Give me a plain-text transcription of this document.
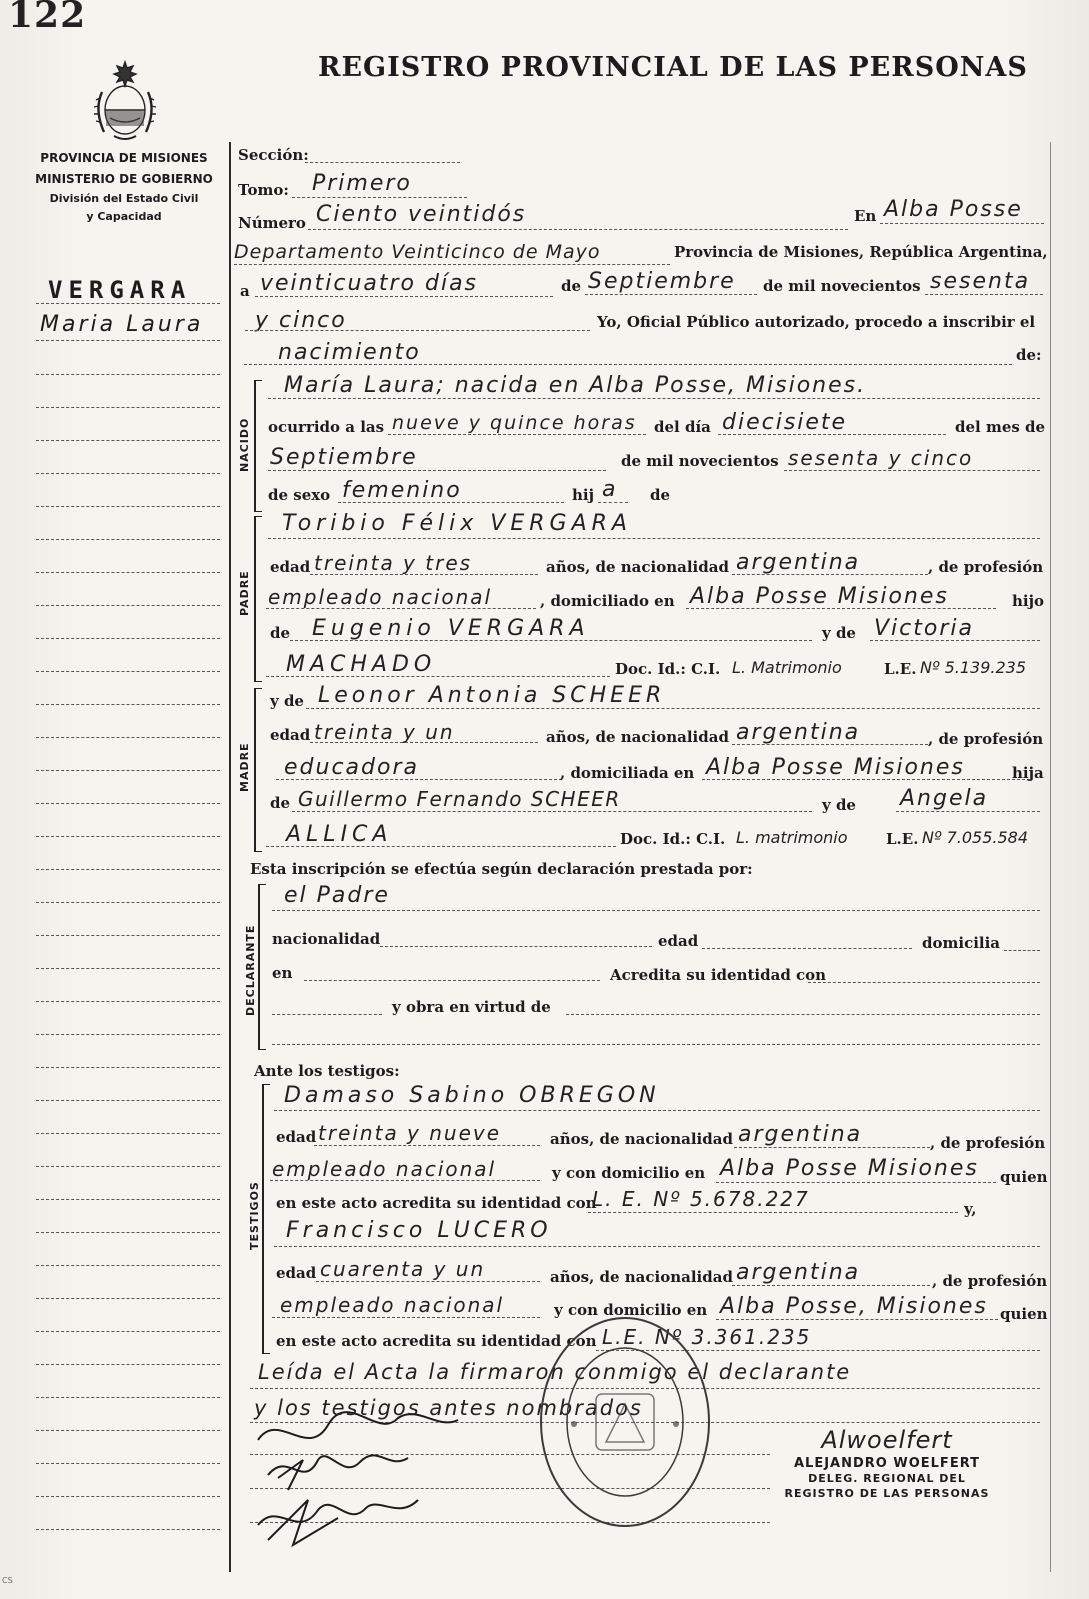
122
REGISTRO PROVINCIAL DE LAS PERSONAS
PROVINCIA DE MISIONES
MINISTERIO DE GOBIERNO
División del Estado Civil
y Capacidad
VERGARA
Maria Laura
Sección:
Tomo: Primero
Número Ciento veintidós	En Alba Posse
Departamento Veinticinco de Mayo	Provincia de Misiones, República Argentina,
a veinticuatro días	de Septiembre de mil novecientos sesenta
y cinco	Yo, Oficial Público autorizado, procedo a inscribir el
nacimiento	de:
NACIDO
María Laura; nacida en Alba Posse, Misiones.
ocurrido a las nueve y quince horas del día diecisiete	del mes de
Septiembre	de mil novecientos sesenta y cinco
de sexo femenino	hij a de
PADRE
Toribio Félix VERGARA
edad treinta y tres	años, de nacionalidad argentina	, de profesión
empleado nacional	, domiciliado en Alba Posse Misiones	hijo
de Eugenio VERGARA	y de Victoria
MACHADO	Doc. Id.: C.I. L. Matrimonio	L.E. Nº 5.139.235
MADRE
y de Leonor Antonia SCHEER
edad treinta y un	años, de nacionalidad argentina	, de profesión
educadora	, domiciliada en Alba Posse Misiones	hija
de Guillermo Fernando SCHEER	y de Angela
ALLICA	Doc. Id.: C.I. L. matrimonio	L.E. Nº 7.055.584
Esta inscripción se efectúa según declaración prestada por:
DECLARANTE
el Padre
nacionalidad	edad	domicilia
en	Acredita su identidad con
y obra en virtud de
Ante los testigos:
TESTIGOS
Damaso Sabino OBREGON
edad treinta y nueve	años, de nacionalidad argentina	, de profesión
empleado nacional	y con domicilio en Alba Posse Misiones quien
en este acto acredita su identidad con
L. E. Nº 5.678.227	y,
Francisco LUCERO
edad cuarenta y un	años, de nacionalidad argentina	, de profesión
empleado nacional	y con domicilio en Alba Posse, Misiones quien
en este acto acredita su identidad con L.E. Nº 3.361.235
Leída el Acta la firmaron conmigo el declarante
y los testigos antes nombrados
Alwoelfert
ALEJANDRO WOELFERT
DELEG. REGIONAL DEL
REGISTRO DE LAS PERSONAS
CS
